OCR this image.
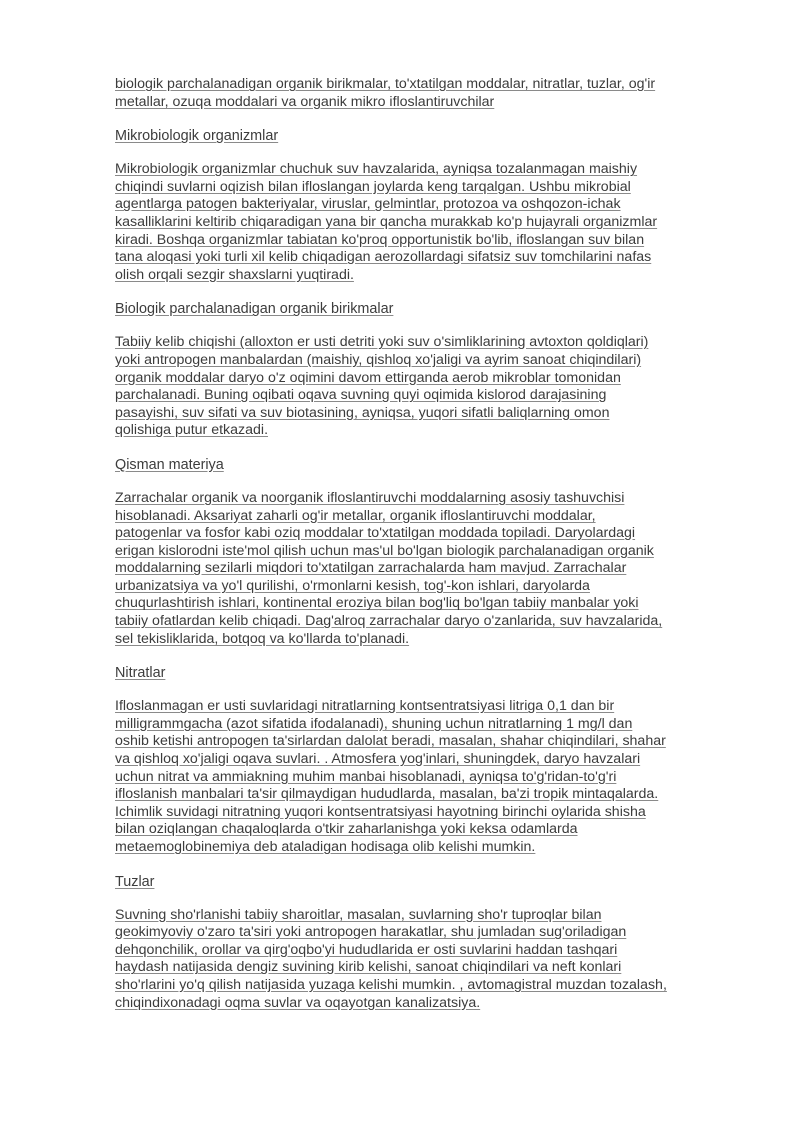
biologik parchalanadigan organik birikmalar, to'xtatilgan moddalar, nitratlar, tuzlar, og'ir
metallar, ozuqa moddalari va organik mikro ifloslantiruvchilar
Mikrobiologik organizmlar
Mikrobiologik organizmlar chuchuk suv havzalarida, ayniqsa tozalanmagan maishiy
chiqindi suvlarni oqizish bilan ifloslangan joylarda keng tarqalgan. Ushbu mikrobial
agentlarga patogen bakteriyalar, viruslar, gelmintlar, protozoa va oshqozon-ichak
kasalliklarini keltirib chiqaradigan yana bir qancha murakkab ko'p hujayrali organizmlar
kiradi. Boshqa organizmlar tabiatan ko'proq opportunistik bo'lib, ifloslangan suv bilan
tana aloqasi yoki turli xil kelib chiqadigan aerozollardagi sifatsiz suv tomchilarini nafas
olish orqali sezgir shaxslarni yuqtiradi.
Biologik parchalanadigan organik birikmalar
Tabiiy kelib chiqishi (alloxton er usti detriti yoki suv o'simliklarining avtoxton qoldiqlari)
yoki antropogen manbalardan (maishiy, qishloq xo'jaligi va ayrim sanoat chiqindilari)
organik moddalar daryo o'z oqimini davom ettirganda aerob mikroblar tomonidan
parchalanadi. Buning oqibati oqava suvning quyi oqimida kislorod darajasining
pasayishi, suv sifati va suv biotasining, ayniqsa, yuqori sifatli baliqlarning omon
qolishiga putur etkazadi.
Qisman materiya
Zarrachalar organik va noorganik ifloslantiruvchi moddalarning asosiy tashuvchisi
hisoblanadi. Aksariyat zaharli og'ir metallar, organik ifloslantiruvchi moddalar,
patogenlar va fosfor kabi oziq moddalar to'xtatilgan moddada topiladi. Daryolardagi
erigan kislorodni iste'mol qilish uchun mas'ul bo'lgan biologik parchalanadigan organik
moddalarning sezilarli miqdori to'xtatilgan zarrachalarda ham mavjud. Zarrachalar
urbanizatsiya va yo'l qurilishi, o'rmonlarni kesish, tog'-kon ishlari, daryolarda
chuqurlashtirish ishlari, kontinental eroziya bilan bog'liq bo'lgan tabiiy manbalar yoki
tabiiy ofatlardan kelib chiqadi. Dag'alroq zarrachalar daryo o'zanlarida, suv havzalarida,
sel tekisliklarida, botqoq va ko'llarda to'planadi.
Nitratlar
Ifloslanmagan er usti suvlaridagi nitratlarning kontsentratsiyasi litriga 0,1 dan bir
milligrammgacha (azot sifatida ifodalanadi), shuning uchun nitratlarning 1 mg/l dan
oshib ketishi antropogen ta'sirlardan dalolat beradi, masalan, shahar chiqindilari, shahar
va qishloq xo'jaligi oqava suvlari. . Atmosfera yog'inlari, shuningdek, daryo havzalari
uchun nitrat va ammiakning muhim manbai hisoblanadi, ayniqsa to'g'ridan-to'g'ri
ifloslanish manbalari ta'sir qilmaydigan hududlarda, masalan, ba'zi tropik mintaqalarda.
Ichimlik suvidagi nitratning yuqori kontsentratsiyasi hayotning birinchi oylarida shisha
bilan oziqlangan chaqaloqlarda o'tkir zaharlanishga yoki keksa odamlarda
metaemoglobinemiya deb ataladigan hodisaga olib kelishi mumkin.
Tuzlar
Suvning sho'rlanishi tabiiy sharoitlar, masalan, suvlarning sho'r tuproqlar bilan
geokimyoviy o'zaro ta'siri yoki antropogen harakatlar, shu jumladan sug'oriladigan
dehqonchilik, orollar va qirg'oqbo'yi hududlarida er osti suvlarini haddan tashqari
haydash natijasida dengiz suvining kirib kelishi, sanoat chiqindilari va neft konlari
sho'rlarini yo'q qilish natijasida yuzaga kelishi mumkin. , avtomagistral muzdan tozalash,
chiqindixonadagi oqma suvlar va oqayotgan kanalizatsiya.
